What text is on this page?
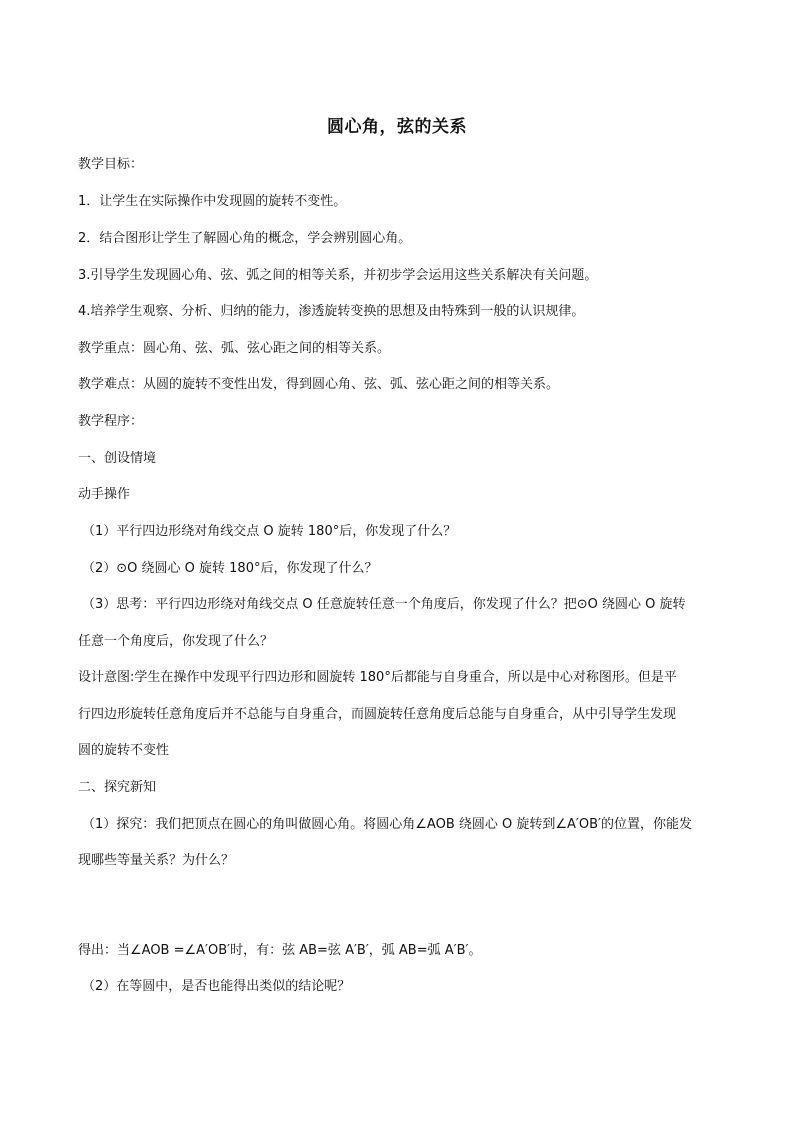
圆心角，弦的关系
教学目标：
1．让学生在实际操作中发现圆的旋转不变性。
2．结合图形让学生了解圆心角的概念，学会辨别圆心角。
3.引导学生发现圆心角、弦、弧之间的相等关系，并初步学会运用这些关系解决有关问题。
4.培养学生观察、分析、归纳的能力，渗透旋转变换的思想及由特殊到一般的认识规律。
教学重点：圆心角、弦、弧、弦心距之间的相等关系。
教学难点：从圆的旋转不变性出发，得到圆心角、弦、弧、弦心距之间的相等关系。
教学程序：
一、创设情境
动手操作
（1）平行四边形绕对角线交点 O 旋转 180°后，你发现了什么？
（2）⊙O 绕圆心 O 旋转 180°后，你发现了什么？
（3）思考：平行四边形绕对角线交点 O 任意旋转任意一个角度后，你发现了什么？把⊙O 绕圆心 O 旋转
任意一个角度后，你发现了什么？
设计意图:学生在操作中发现平行四边形和圆旋转 180°后都能与自身重合，所以是中心对称图形。但是平
行四边形旋转任意角度后并不总能与自身重合，而圆旋转任意角度后总能与自身重合，从中引导学生发现
圆的旋转不变性
二、探究新知
（1）探究：我们把顶点在圆心的角叫做圆心角。将圆心角∠AOB 绕圆心 O 旋转到∠A′OB′的位置，你能发
现哪些等量关系？为什么？
得出：当∠AOB =∠A′OB′时，有：弦 AB=弦 A′B′，弧 AB=弧 A′B′。
（2）在等圆中，是否也能得出类似的结论呢？
